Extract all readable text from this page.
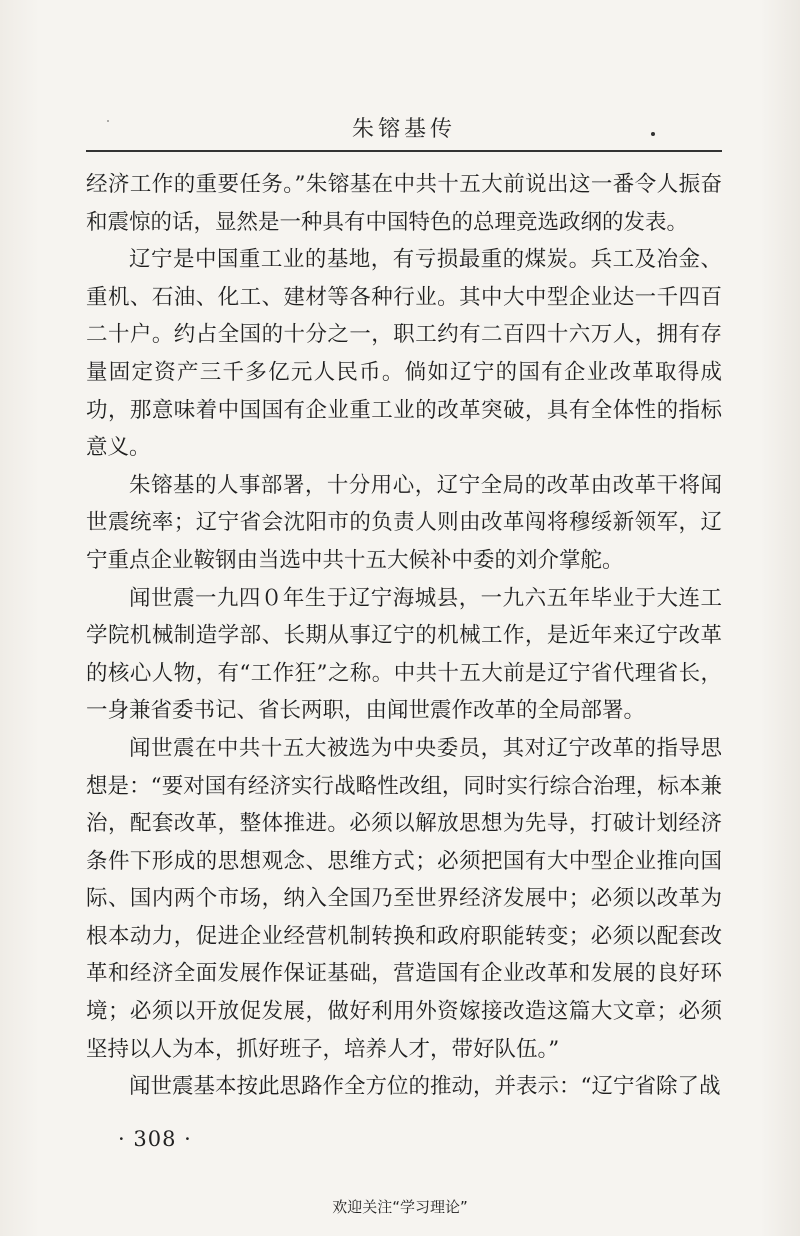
朱镕基传

经济工作的重要任务。”朱镕基在中共十五大前说出这一番令人振奋和震惊的话，显然是一种具有中国特色的总理竞选政纲的发表。

辽宁是中国重工业的基地，有亏损最重的煤炭。兵工及冶金、重机、石油、化工、建材等各种行业。其中大中型企业达一千四百二十户。约占全国的十分之一，职工约有二百四十六万人，拥有存量固定资产三千多亿元人民币。倘如辽宁的国有企业改革取得成功，那意味着中国国有企业重工业的改革突破，具有全体性的指标意义。

朱镕基的人事部署，十分用心，辽宁全局的改革由改革干将闻世震统率；辽宁省会沈阳市的负责人则由改革闯将穆绥新领军，辽宁重点企业鞍钢由当选中共十五大候补中委的刘介掌舵。

闻世震一九四０年生于辽宁海城县，一九六五年毕业于大连工学院机械制造学部、长期从事辽宁的机械工作，是近年来辽宁改革的核心人物，有“工作狂”之称。中共十五大前是辽宁省代理省长，一身兼省委书记、省长两职，由闻世震作改革的全局部署。

闻世震在中共十五大被选为中央委员，其对辽宁改革的指导思想是：“要对国有经济实行战略性改组，同时实行综合治理，标本兼治，配套改革，整体推进。必须以解放思想为先导，打破计划经济条件下形成的思想观念、思维方式；必须把国有大中型企业推向国际、国内两个市场，纳入全国乃至世界经济发展中；必须以改革为根本动力，促进企业经营机制转换和政府职能转变；必须以配套改革和经济全面发展作保证基础，营造国有企业改革和发展的良好环境；必须以开放促发展，做好利用外资嫁接改造这篇大文章；必须坚持以人为本，抓好班子，培养人才，带好队伍。”

闻世震基本按此思路作全方位的推动，并表示：“辽宁省除了战

· 308 ·
欢迎关注“学习理论”
